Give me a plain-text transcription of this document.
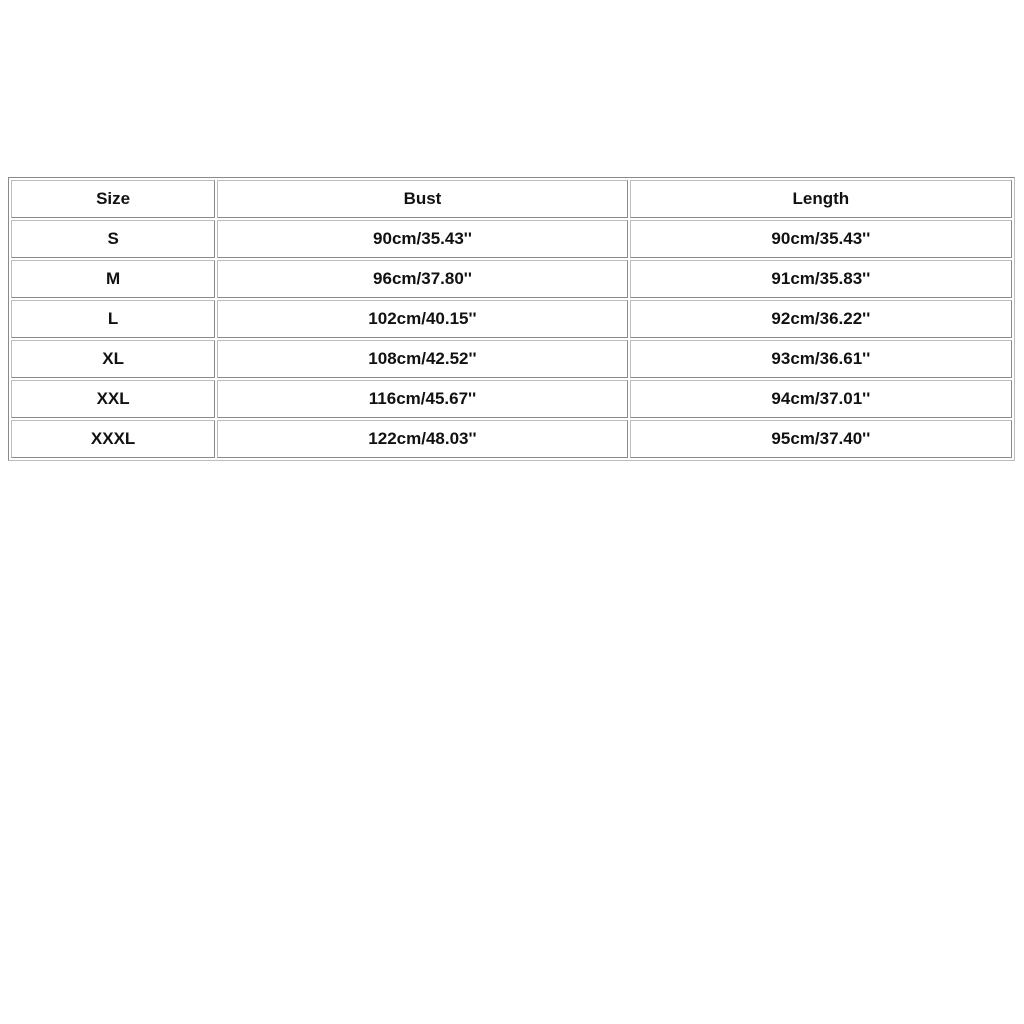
Size	Bust	Length
S	90cm/35.43''	90cm/35.43''
M	96cm/37.80''	91cm/35.83''
L	102cm/40.15''	92cm/36.22''
XL	108cm/42.52''	93cm/36.61''
XXL	116cm/45.67''	94cm/37.01''
XXXL	122cm/48.03''	95cm/37.40''
